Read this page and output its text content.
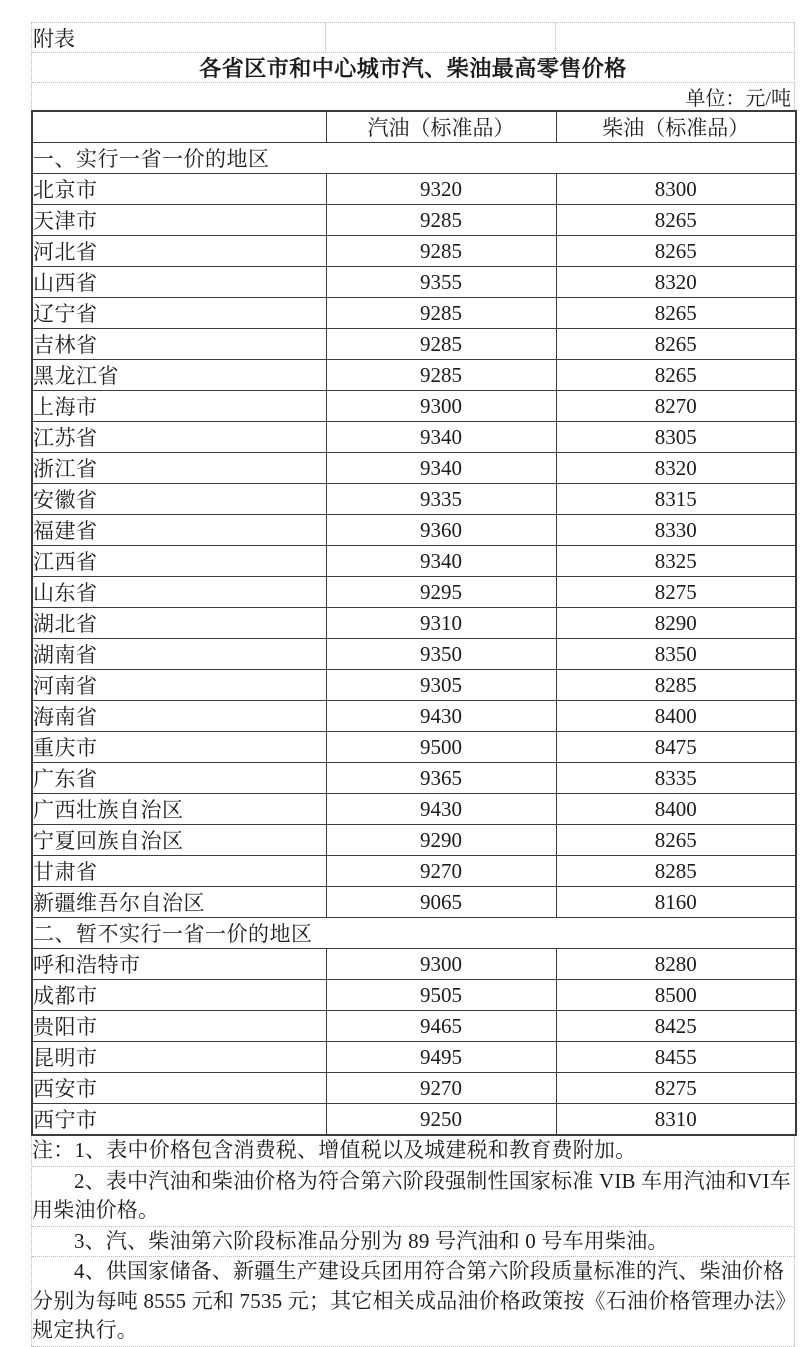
附表
各省区市和中心城市汽、柴油最高零售价格
单位：元/吨
	汽油（标准品）	柴油（标准品）
一、实行一省一价的地区		
北京市	9320	8300
天津市	9285	8265
河北省	9285	8265
山西省	9355	8320
辽宁省	9285	8265
吉林省	9285	8265
黑龙江省	9285	8265
上海市	9300	8270
江苏省	9340	8305
浙江省	9340	8320
安徽省	9335	8315
福建省	9360	8330
江西省	9340	8325
山东省	9295	8275
湖北省	9310	8290
湖南省	9350	8350
河南省	9305	8285
海南省	9430	8400
重庆市	9500	8475
广东省	9365	8335
广西壮族自治区	9430	8400
宁夏回族自治区	9290	8265
甘肃省	9270	8285
新疆维吾尔自治区	9065	8160
二、暂不实行一省一价的地区		
呼和浩特市	9300	8280
成都市	9505	8500
贵阳市	9465	8425
昆明市	9495	8455
西安市	9270	8275
西宁市	9250	8310

注：1、表中价格包含消费税、增值税以及城建税和教育费附加。

2、表中汽油和柴油价格为符合第六阶段强制性国家标准 VIB 车用汽油和VI车用柴油价格。

3、汽、柴油第六阶段标准品分别为 89 号汽油和 0 号车用柴油。

4、供国家储备、新疆生产建设兵团用符合第六阶段质量标准的汽、柴油价格分别为每吨 8555 元和 7535 元；其它相关成品油价格政策按《石油价格管理办法》规定执行。
